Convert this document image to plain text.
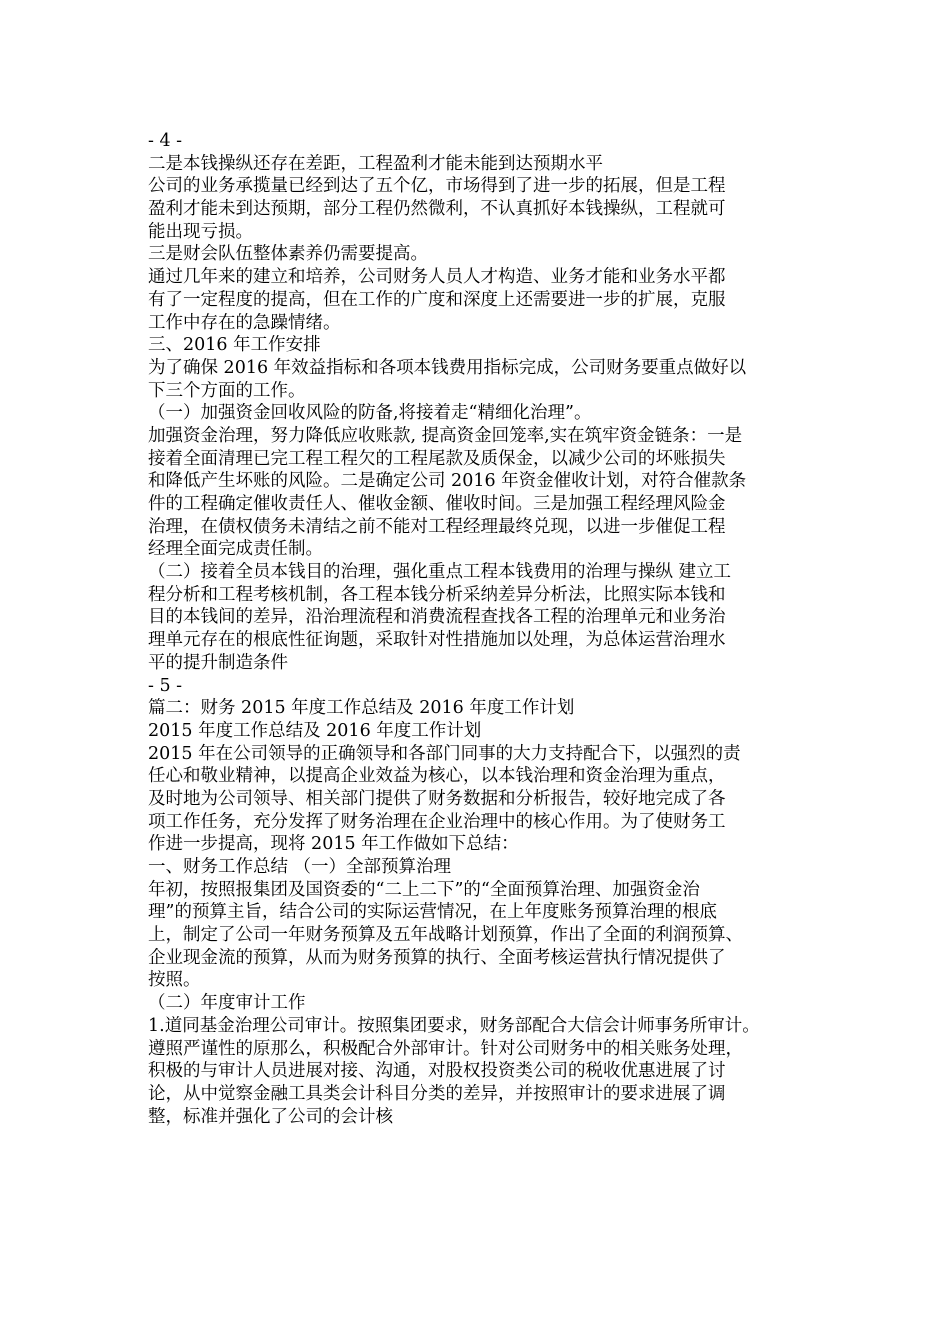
- 4 -
二是本钱操纵还存在差距，工程盈利才能未能到达预期水平
公司的业务承揽量已经到达了五个亿，市场得到了进一步的拓展，但是工程
盈利才能未到达预期，部分工程仍然微利，不认真抓好本钱操纵，工程就可
能出现亏损。
三是财会队伍整体素养仍需要提高。
通过几年来的建立和培养，公司财务人员人才构造、业务才能和业务水平都
有了一定程度的提高，但在工作的广度和深度上还需要进一步的扩展，克服
工作中存在的急躁情绪。
三、2016 年工作安排
为了确保 2016 年效益指标和各项本钱费用指标完成，公司财务要重点做好以
下三个方面的工作。
（一）加强资金回收风险的防备,将接着走“精细化治理”。
加强资金治理，努力降低应收账款, 提高资金回笼率,实在筑牢资金链条：一是
接着全面清理已完工程工程欠的工程尾款及质保金，以减少公司的坏账损失
和降低产生坏账的风险。二是确定公司 2016 年资金催收计划，对符合催款条
件的工程确定催收责任人、催收金额、催收时间。三是加强工程经理风险金
治理，在债权债务未清结之前不能对工程经理最终兑现，以进一步催促工程
经理全面完成责任制。
（二）接着全员本钱目的治理，强化重点工程本钱费用的治理与操纵 建立工
程分析和工程考核机制，各工程本钱分析采纳差异分析法，比照实际本钱和
目的本钱间的差异，沿治理流程和消费流程查找各工程的治理单元和业务治
理单元存在的根底性征询题，采取针对性措施加以处理，为总体运营治理水
平的提升制造条件
- 5 -
篇二：财务 2015 年度工作总结及 2016 年度工作计划
2015 年度工作总结及 2016 年度工作计划
2015 年在公司领导的正确领导和各部门同事的大力支持配合下，以强烈的责
任心和敬业精神，以提高企业效益为核心，以本钱治理和资金治理为重点，
及时地为公司领导、相关部门提供了财务数据和分析报告，较好地完成了各
项工作任务，充分发挥了财务治理在企业治理中的核心作用。为了使财务工
作进一步提高，现将 2015 年工作做如下总结：
一、财务工作总结 （一）全部预算治理
年初，按照报集团及国资委的“二上二下”的“全面预算治理、加强资金治
理”的预算主旨，结合公司的实际运营情况，在上年度账务预算治理的根底
上，制定了公司一年财务预算及五年战略计划预算，作出了全面的利润预算、
企业现金流的预算，从而为财务预算的执行、全面考核运营执行情况提供了
按照。
（二）年度审计工作
1.道同基金治理公司审计。按照集团要求，财务部配合大信会计师事务所审计。
遵照严谨性的原那么，积极配合外部审计。针对公司财务中的相关账务处理，
积极的与审计人员进展对接、沟通，对股权投资类公司的税收优惠进展了讨
论，从中觉察金融工具类会计科目分类的差异，并按照审计的要求进展了调
整，标准并强化了公司的会计核
